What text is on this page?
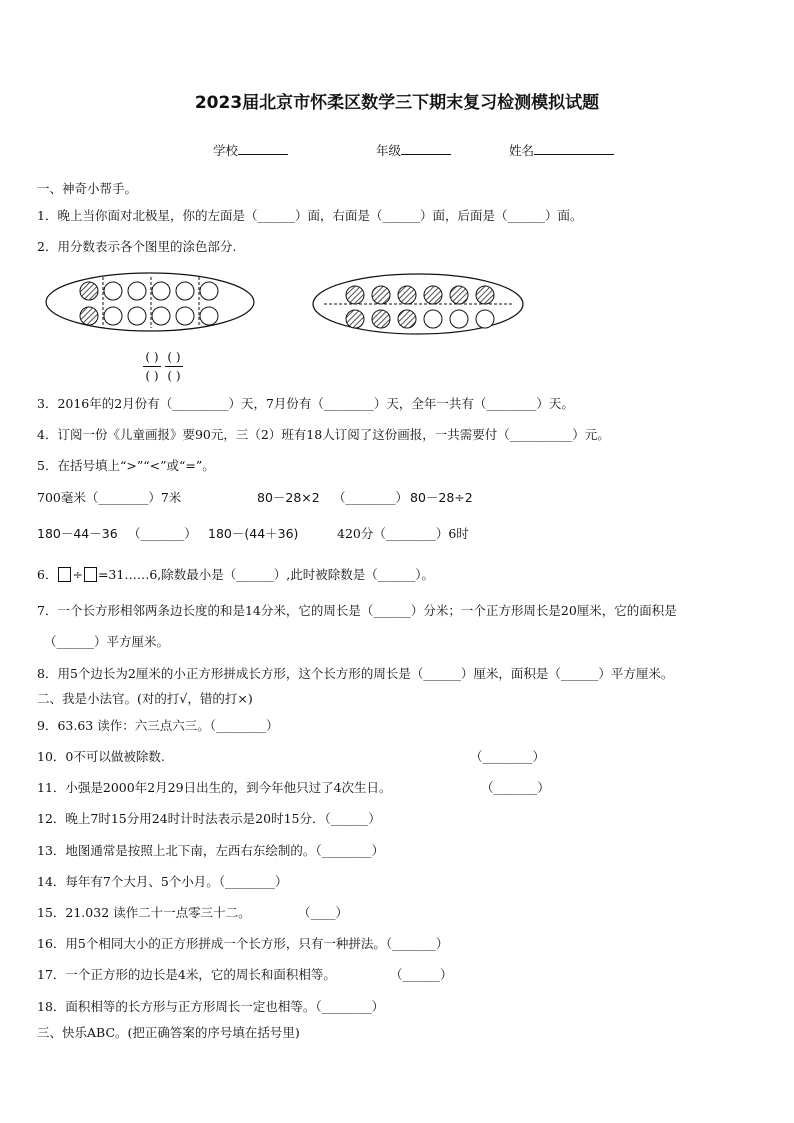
2023届北京市怀柔区数学三下期末复习检测模拟试题
学校	年级	姓名
一、神奇小帮手。
1．晚上当你面对北极星，你的左面是（______）面，右面是（______）面，后面是（______）面。
2．用分数表示各个图里的涂色部分.
( )
( )
( )
( )
3．2016年的2月份有（_________）天，7月份有（________）天，全年一共有（________）天。
4．订阅一份《儿童画报》要90元，三（2）班有18人订阅了这份画报，一共需要付（__________）元。
5．在括号填上“>”“<”或“=”。
700毫米（________）7米	80－28×2 （________） 80－28÷2
180－44－36 （_______） 180－(44＋36)	420分（________）6时
6． ÷ =31……6,除数最小是（______）,此时被除数是（______）。
7．一个长方形相邻两条边长度的和是14分米，它的周长是（______）分米；一个正方形周长是20厘米，它的面积是
（______）平方厘米。
8．用5个边长为2厘米的小正方形拼成长方形，这个长方形的周长是（______）厘米，面积是（______）平方厘米。
二、我是小法官。(对的打√，错的打×)
9．63.63 读作：六三点六三。（________）
10．0不可以做被除数.	（________）
11．小强是2000年2月29日出生的，到今年他只过了4次生日。	（_______）
12．晚上7时15分用24时计时法表示是20时15分．（______）
13．地图通常是按照上北下南，左西右东绘制的。（________）
14．每年有7个大月、5个小月。（________）
15．21.032 读作二十一点零三十二。	（____）
16．用5个相同大小的正方形拼成一个长方形，只有一种拼法。（_______）
17．一个正方形的边长是4米，它的周长和面积相等。	（______）
18．面积相等的长方形与正方形周长一定也相等。（________）
三、快乐ABC。(把正确答案的序号填在括号里)
